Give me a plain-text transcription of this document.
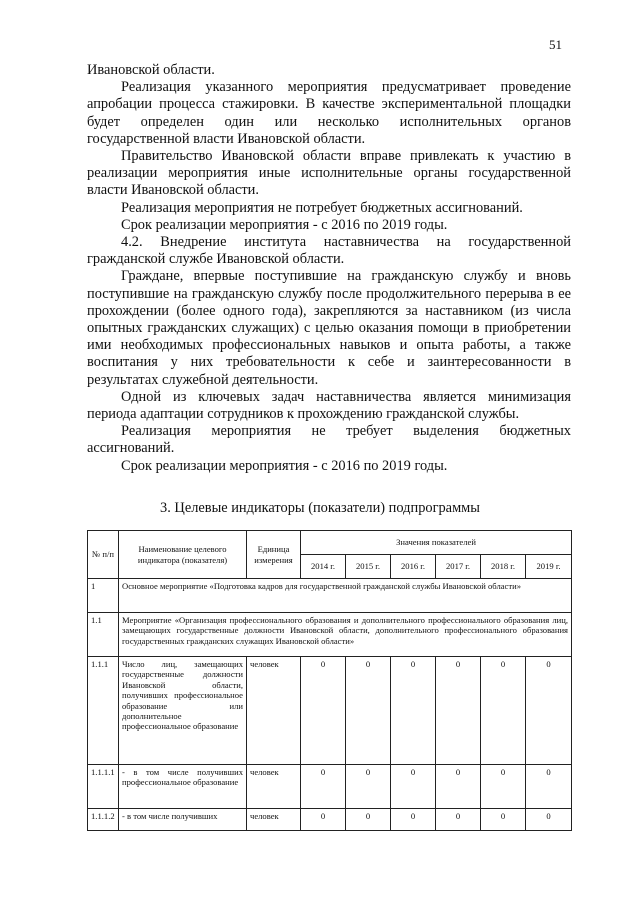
51

Ивановской области.

Реализация указанного мероприятия предусматривает проведение апробации процесса стажировки. В качестве экспериментальной площадки будет определен один или несколько исполнительных органов государственной власти Ивановской области.

Правительство Ивановской области вправе привлекать к участию в реализации мероприятия иные исполнительные органы государственной власти Ивановской области.

Реализация мероприятия не потребует бюджетных ассигнований.

Срок реализации мероприятия - с 2016 по 2019 годы.

4.2. Внедрение института наставничества на государственной гражданской службе Ивановской области.

Граждане, впервые поступившие на гражданскую службу и вновь поступившие на гражданскую службу после продолжительного перерыва в ее прохождении (более одного года), закрепляются за наставником (из числа опытных гражданских служащих) с целью оказания помощи в приобретении ими необходимых профессиональных навыков и опыта работы, а также воспитания у них требовательности к себе и заинтересованности в результатах служебной деятельности.

Одной из ключевых задач наставничества является минимизация периода адаптации сотрудников к прохождению гражданской службы.

Реализация мероприятия не требует выделения бюджетных ассигнований.

Срок реализации мероприятия - с 2016 по 2019 годы.

3. Целевые индикаторы (показатели) подпрограммы
№ п/п	Наименование целевого индикатора (показателя)	Единица измерения	Значения показателей					
			2014 г.	2015 г.	2016 г.	2017 г.	2018 г.	2019 г.
1	Основное мероприятие «Подготовка кадров для государственной гражданской службы Ивановской области»							
1.1	Мероприятие «Организация профессионального образования и дополнительного профессионального образования лиц, замещающих государственные должности Ивановской области, дополнительного профессионального образования государственных гражданских служащих Ивановской области»							
1.1.1	Число лиц, замещающих государственные должности Ивановской области, получивших профессиональное образование или дополнительное профессиональное образование	человек	0	0	0	0	0	0
1.1.1.1	- в том числе получивших профессиональное образование	человек	0	0	0	0	0	0
1.1.1.2	- в том числе получивших	человек	0	0	0	0	0	0
